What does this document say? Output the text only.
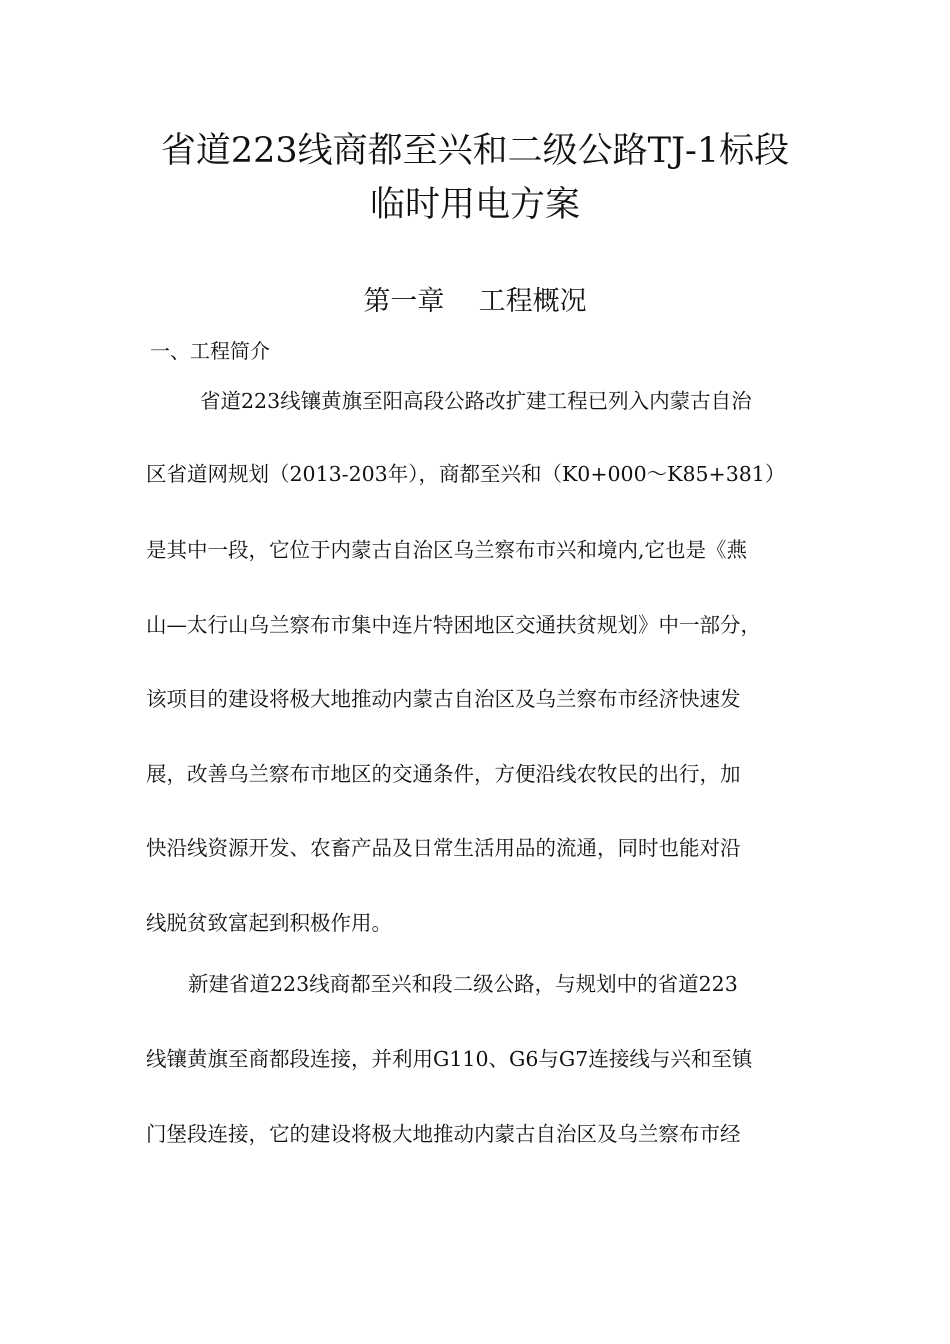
省道223线商都至兴和二级公路TJ-1标段
临时用电方案
第一章    工程概况
一、工程简介
省道223线镶黄旗至阳高段公路改扩建工程已列入内蒙古自治
区省道网规划（2013-203年），商都至兴和（K0+000～K85+381）
是其中一段，它位于内蒙古自治区乌兰察布市兴和境内,它也是《燕
山—太行山乌兰察布市集中连片特困地区交通扶贫规划》中一部分，
该项目的建设将极大地推动内蒙古自治区及乌兰察布市经济快速发
展，改善乌兰察布市地区的交通条件，方便沿线农牧民的出行，加
快沿线资源开发、农畜产品及日常生活用品的流通，同时也能对沿
线脱贫致富起到积极作用。
新建省道223线商都至兴和段二级公路，与规划中的省道223
线镶黄旗至商都段连接，并利用G110、G6与G7连接线与兴和至镇
门堡段连接，它的建设将极大地推动内蒙古自治区及乌兰察布市经
